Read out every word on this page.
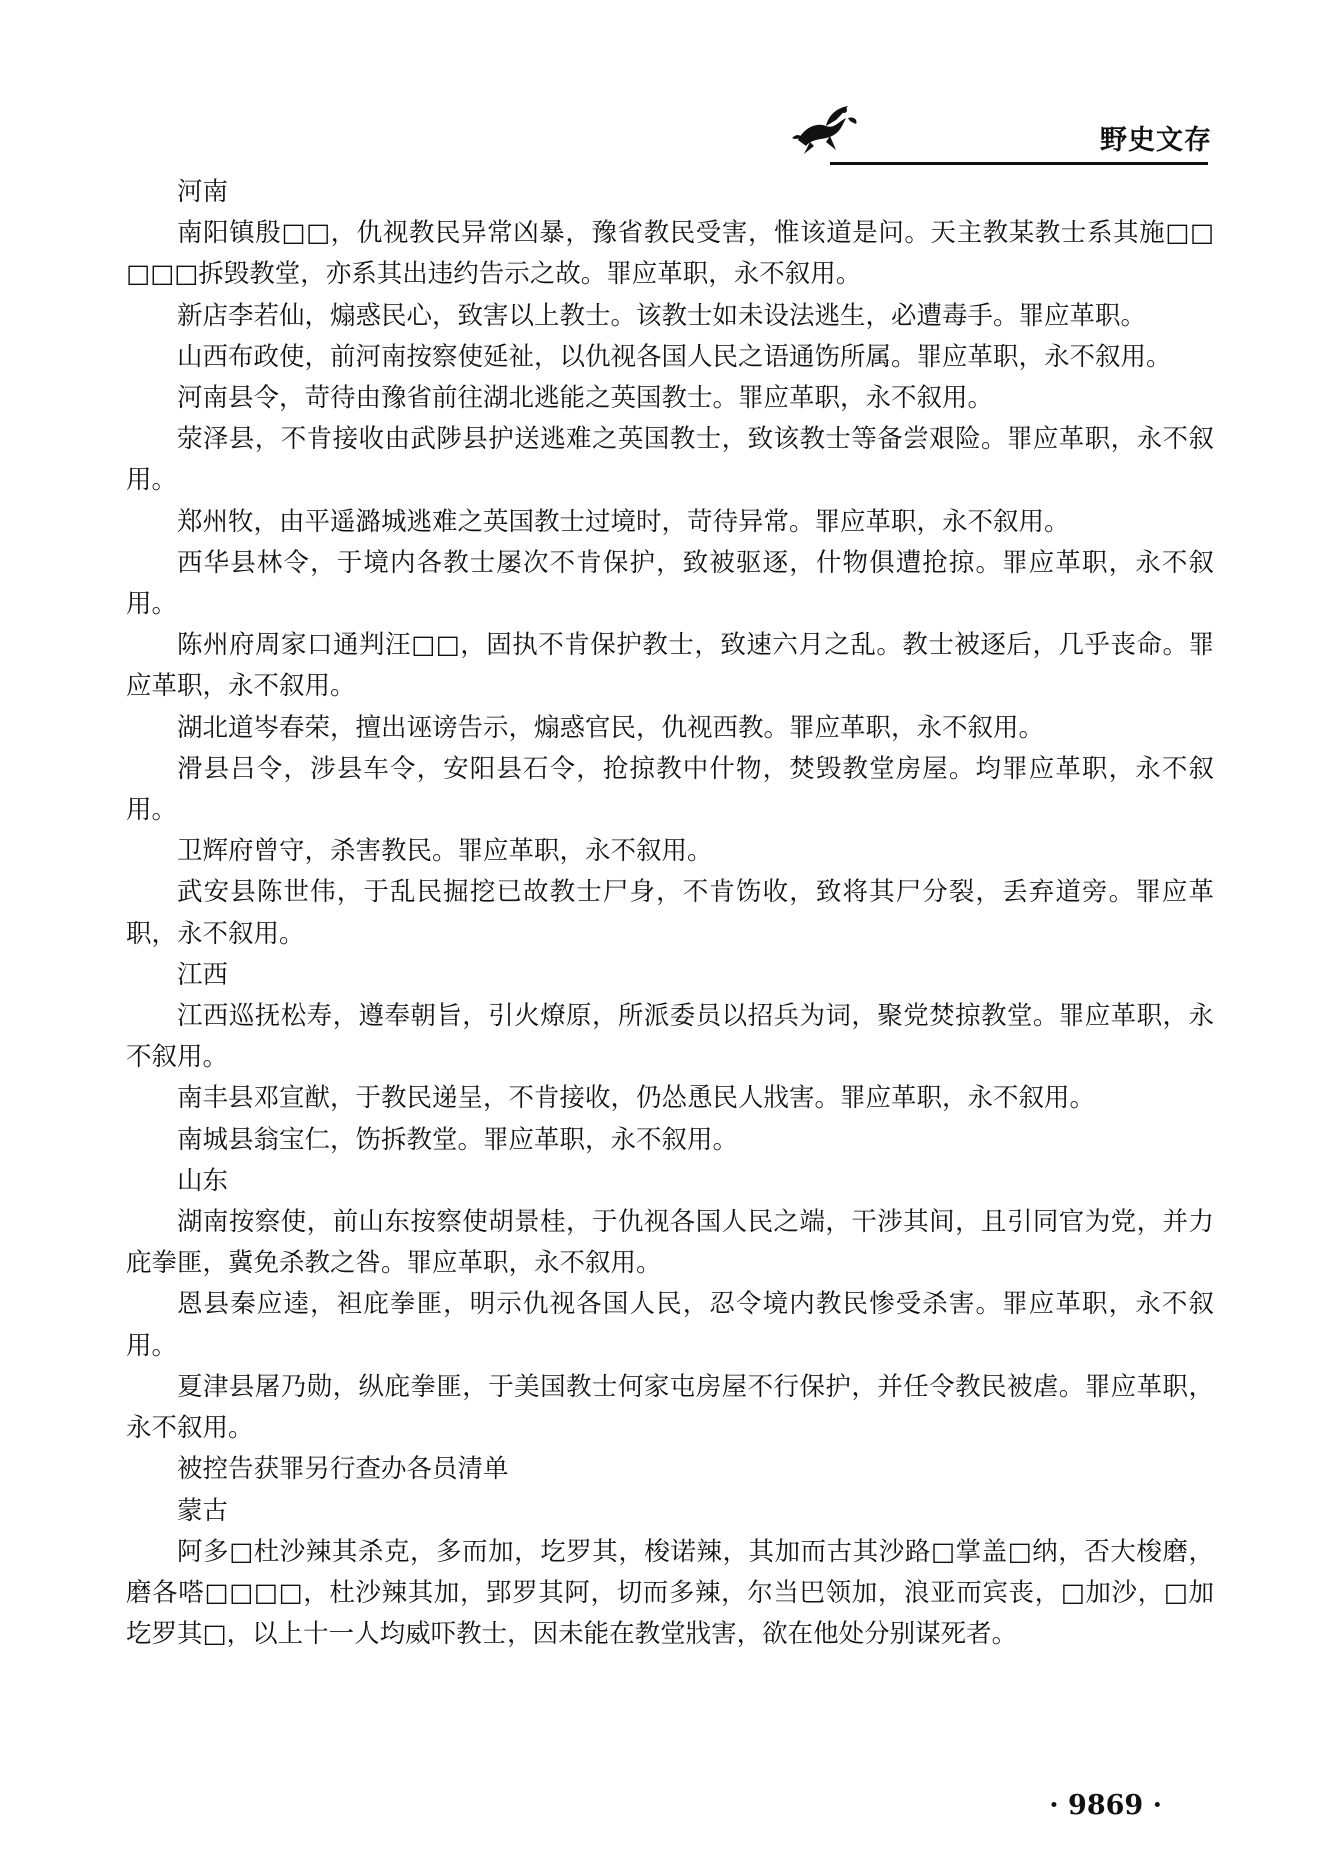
野史文存

河南

南阳镇殷□□，仇视教民异常凶暴，豫省教民受害，惟该道是问。天主教某教士系其施□□□□□拆毁教堂，亦系其出违约告示之故。罪应革职，永不叙用。

新店李若仙，煽惑民心，致害以上教士。该教士如未设法逃生，必遭毒手。罪应革职。

山西布政使，前河南按察使延祉，以仇视各国人民之语通饬所属。罪应革职，永不叙用。

河南县令，苛待由豫省前往湖北逃能之英国教士。罪应革职，永不叙用。

荥泽县，不肯接收由武陟县护送逃难之英国教士，致该教士等备尝艰险。罪应革职，永不叙用。

郑州牧，由平遥潞城逃难之英国教士过境时，苛待异常。罪应革职，永不叙用。

西华县林令，于境内各教士屡次不肯保护，致被驱逐，什物俱遭抢掠。罪应革职，永不叙用。

陈州府周家口通判汪□□，固执不肯保护教士，致速六月之乱。教士被逐后，几乎丧命。罪应革职，永不叙用。

湖北道岑春荣，擅出诬谤告示，煽惑官民，仇视西教。罪应革职，永不叙用。

滑县吕令，涉县车令，安阳县石令，抢掠教中什物，焚毁教堂房屋。均罪应革职，永不叙用。

卫辉府曾守，杀害教民。罪应革职，永不叙用。

武安县陈世伟，于乱民掘挖已故教士尸身，不肯饬收，致将其尸分裂，丢弃道旁。罪应革职，永不叙用。

江西

江西巡抚松寿，遵奉朝旨，引火燎原，所派委员以招兵为词，聚党焚掠教堂。罪应革职，永不叙用。

南丰县邓宣猷，于教民递呈，不肯接收，仍怂恿民人戕害。罪应革职，永不叙用。

南城县翁宝仁，饬拆教堂。罪应革职，永不叙用。

山东

湖南按察使，前山东按察使胡景桂，于仇视各国人民之端，干涉其间，且引同官为党，并力庇拳匪，冀免杀教之咎。罪应革职，永不叙用。

恩县秦应逵，袒庇拳匪，明示仇视各国人民，忍令境内教民惨受杀害。罪应革职，永不叙用。

夏津县屠乃勋，纵庇拳匪，于美国教士何家屯房屋不行保护，并任令教民被虐。罪应革职，永不叙用。

被控告获罪另行查办各员清单

蒙古

阿多□杜沙辣其杀克，多而加，圪罗其，梭诺辣，其加而古其沙路□掌盖□纳，否大梭磨，磨各嗒□□□□，杜沙辣其加，郢罗其阿，切而多辣，尔当巴领加，浪亚而宾丧，□加沙，□加圪罗其□，以上十一人均威吓教士，因未能在教堂戕害，欲在他处分别谋死者。

· 9869 ·
